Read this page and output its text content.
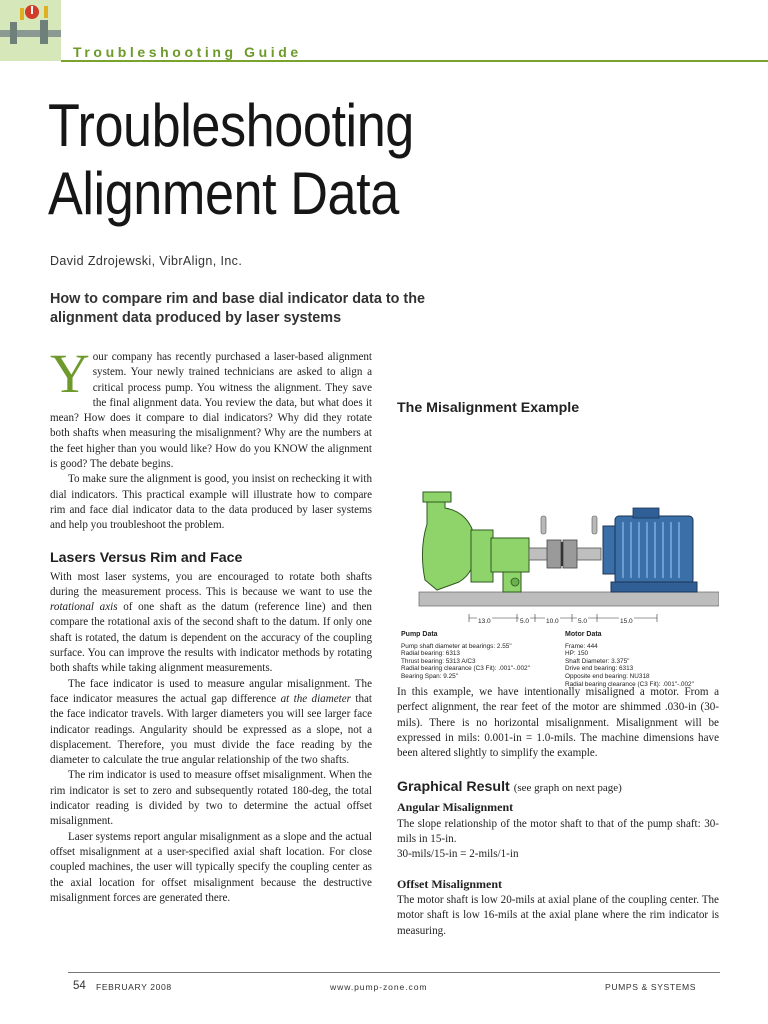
Troubleshooting Guide
Troubleshooting
Alignment Data
David Zdrojewski, VibrAlign, Inc.
How to compare rim and base dial indicator data to the alignment data produced by laser systems

Your company has recently purchased a laser-based alignment system. Your newly trained technicians are asked to align a critical process pump. You witness the alignment. They save the final alignment data. You review the data, but what does it mean? How does it compare to dial indicators? Why did they rotate both shafts when measuring the misalignment? Why are the numbers at the feet higher than you would like? How do you KNOW the alignment is good? The debate begins.

To make sure the alignment is good, you insist on rechecking it with dial indicators. This practical example will illustrate how to compare rim and face dial indicator data to the data produced by laser systems and help you troubleshoot the problem.

Lasers Versus Rim and Face

With most laser systems, you are encouraged to rotate both shafts during the measurement process. This is because we want to use the rotational axis of one shaft as the datum (reference line) and then compare the rotational axis of the second shaft to the datum. If only one shaft is rotated, the datum is dependent on the accuracy of the coupling surface. You can improve the results with indicator methods by rotating both shafts while taking alignment measurements.

The face indicator is used to measure angular misalignment. The face indicator measures the actual gap difference at the diameter that the face indicator travels. With larger diameters you will see larger face indicator readings. Angularity should be expressed as a slope, not a displacement. Therefore, you must divide the face reading by the diameter to calculate the true angular relationship of the two shafts.

The rim indicator is used to measure offset misalignment. When the rim indicator is set to zero and subsequently rotated 180-deg, the total indicator reading is divided by two to determine the actual offset misalignment.

Laser systems report angular misalignment as a slope and the actual offset misalignment at a user-specified axial shaft location. For close coupled machines, the user will typically specify the coupling center as the axial location for offset misalignment because the destructive misalignment forces are generated there.

The Misalignment Example
13.0	5.0	10.0	5.0	15.0
Pump Data
Pump shaft diameter at bearings: 2.55"
Radial bearing: 6313
Thrust bearing: 5313 A/C3
Radial bearing clearance (C3 Fit): .001"-.002"
Bearing Span: 9.25"
Motor Data
Frame: 444
HP: 150
Shaft Diameter: 3.375"
Drive end bearing: 6313
Opposite end bearing: NU318
Radial bearing clearance (C3 Fit): .001"-.002"

In this example, we have intentionally misaligned a motor. From a perfect alignment, the rear feet of the motor are shimmed .030-in (30-mils). There is no horizontal misalignment. Misalignment will be expressed in mils: 0.001-in = 1.0-mils. The machine dimensions have been altered slightly to simplify the example.

Graphical Result (see graph on next page)
Angular Misalignment

The slope relationship of the motor shaft to that of the pump shaft: 30-mils in 15-in.

30-mils/15-in = 2-mils/1-in

Offset Misalignment

The motor shaft is low 20-mils at axial plane of the coupling center. The motor shaft is low 16-mils at the axial plane where the rim indicator is measuring.

54 FEBRUARY 2008	www.pump-zone.com	PUMPS & SYSTEMS
